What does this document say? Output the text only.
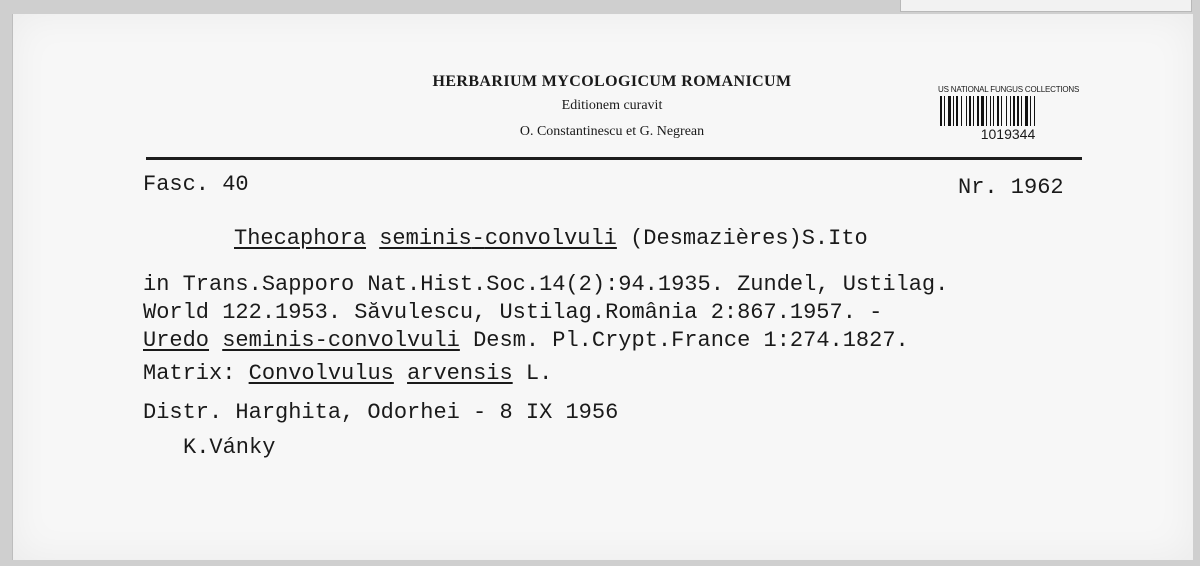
HERBARIUM MYCOLOGICUM ROMANICUM
Editionem curavit
O. Constantinescu et G. Negrean
US NATIONAL FUNGUS COLLECTIONS
1019344
Fasc. 40	Nr. 1962
Thecaphora seminis-convolvuli (Desmazières)S.Ito
in Trans.Sapporo Nat.Hist.Soc.14(2):94.1935. Zundel, Ustilag.
World 122.1953. Săvulescu, Ustilag.România 2:867.1957. -
Uredo seminis-convolvuli Desm. Pl.Crypt.France 1:274.1827.
Matrix: Convolvulus arvensis L.
Distr. Harghita, Odorhei - 8 IX 1956
K.Vánky
